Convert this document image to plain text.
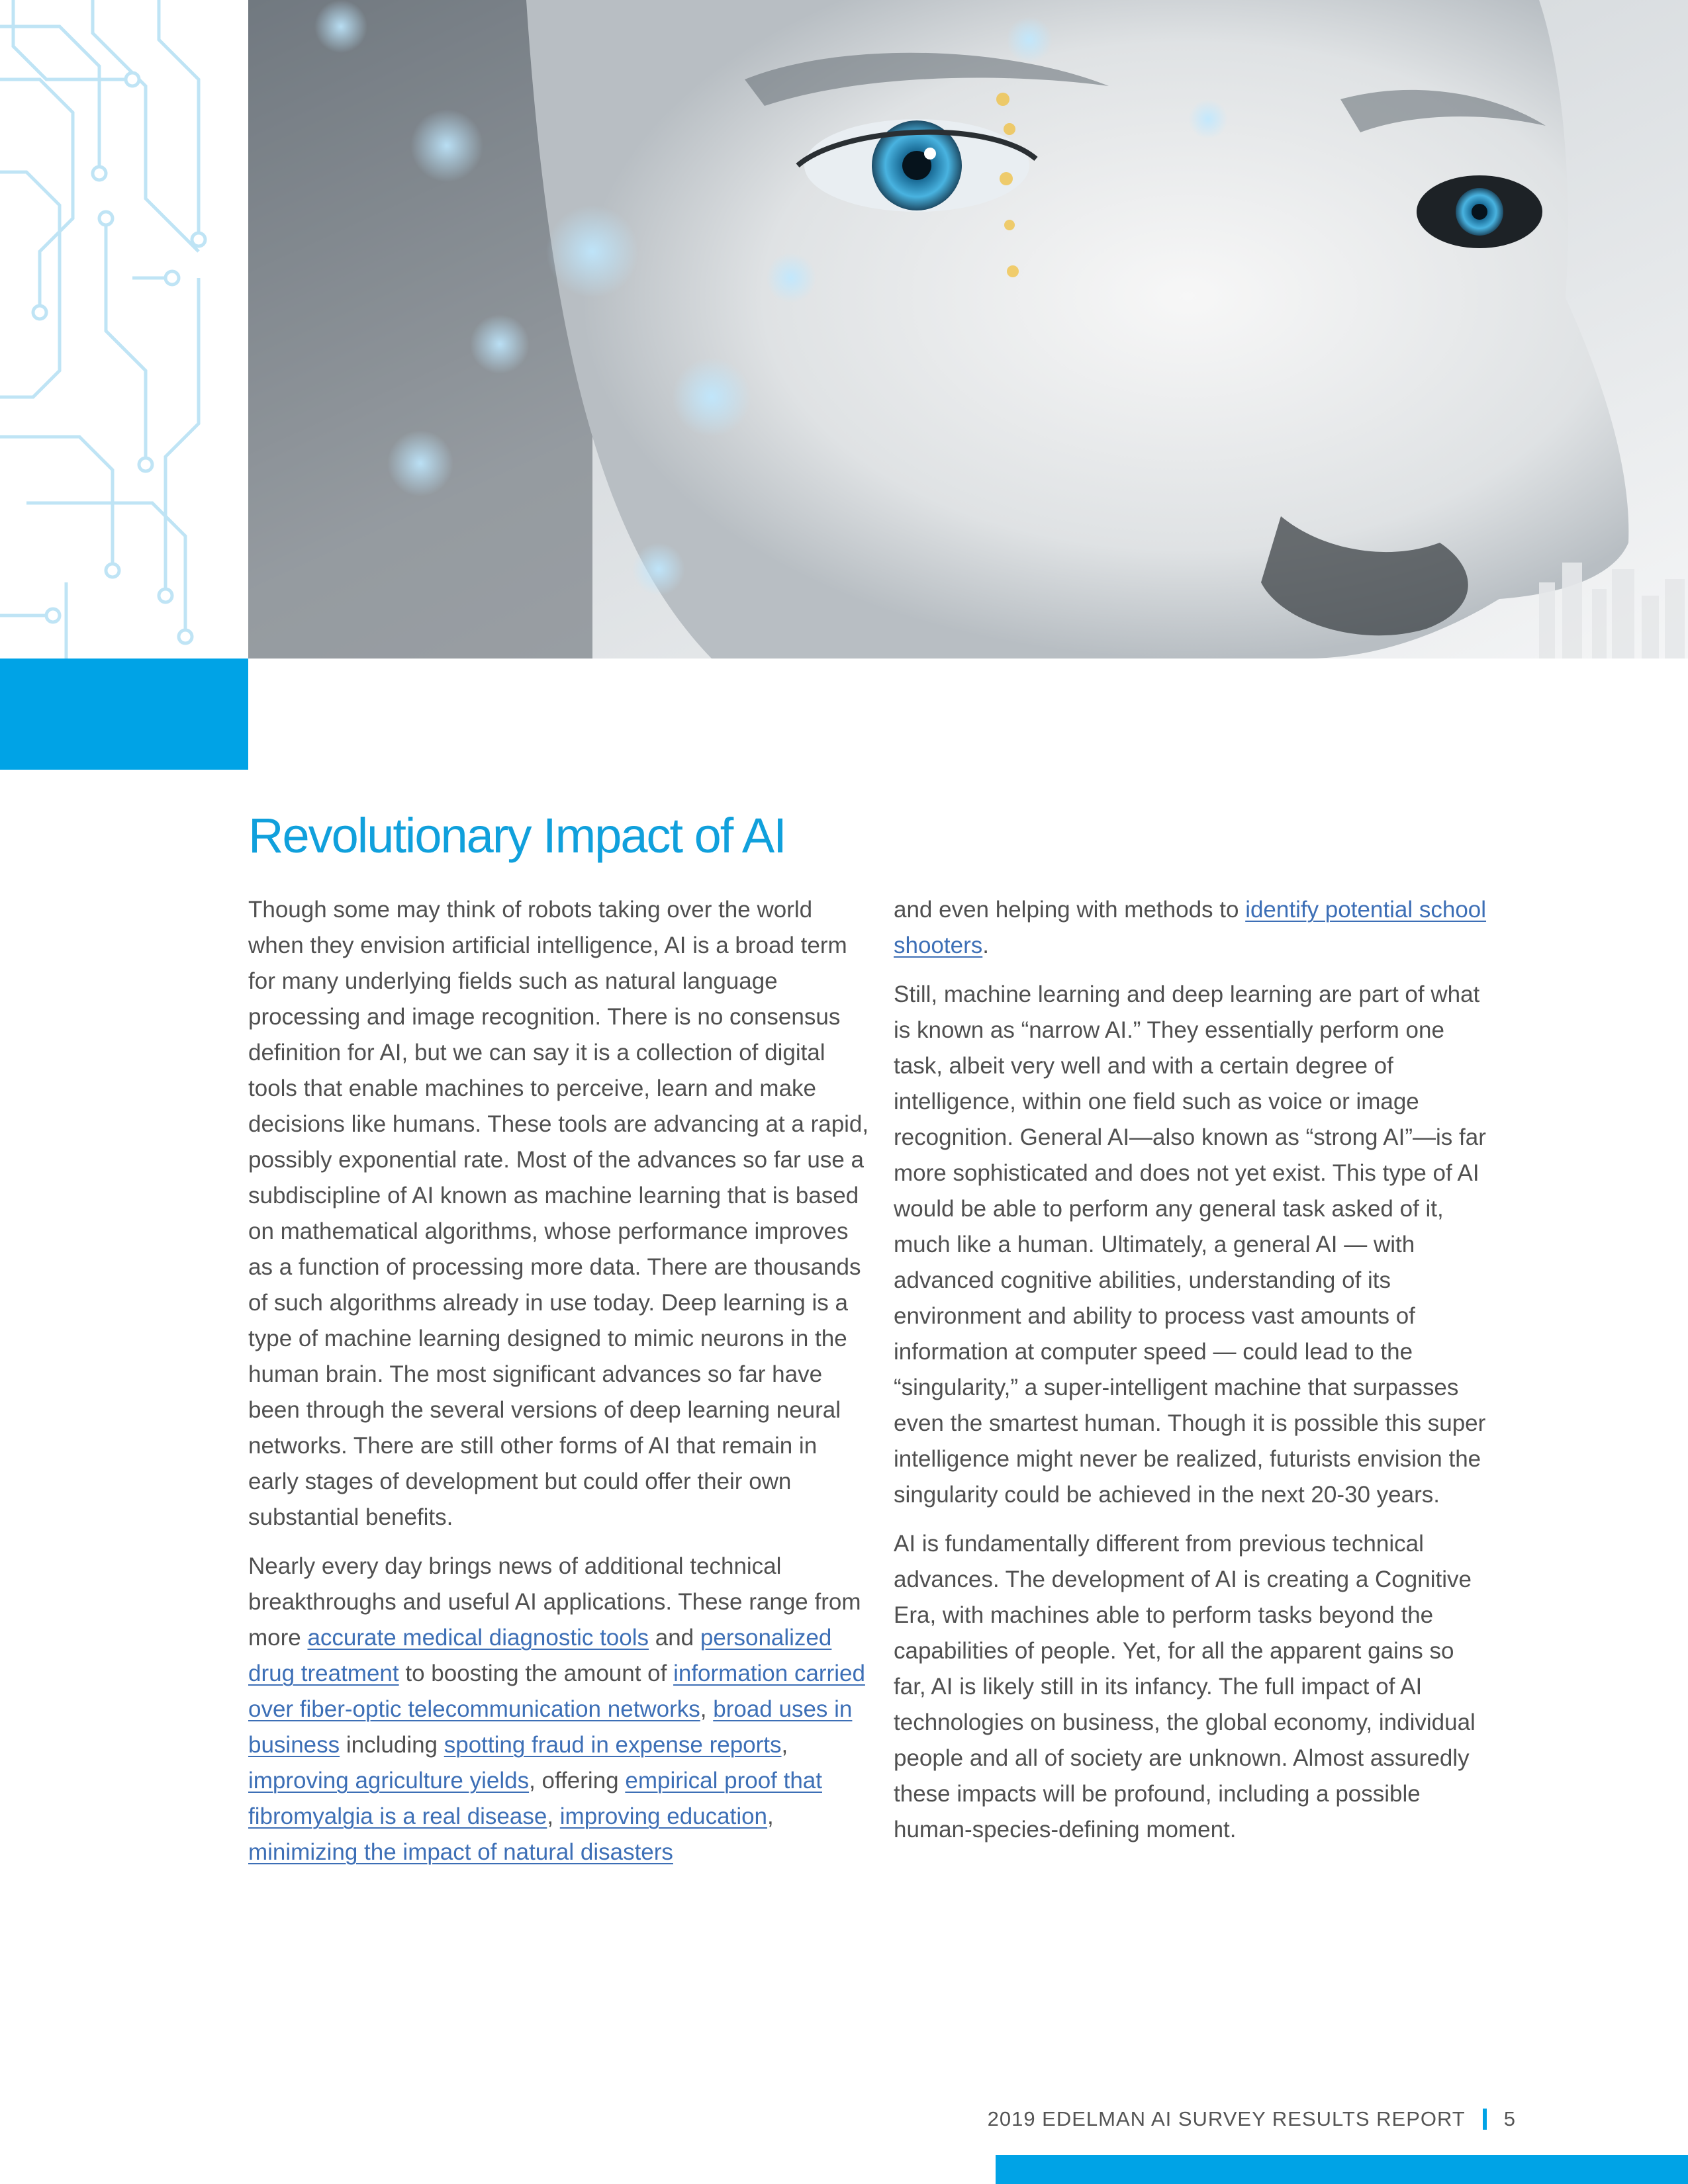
Revolutionary Impact of AI

Though some may think of robots taking over the world when they envision artificial intelligence, AI is a broad term for many underlying fields such as natural language processing and image recognition. There is no consensus definition for AI, but we can say it is a collection of digital tools that enable machines to perceive, learn and make decisions like humans. These tools are advancing at a rapid, possibly exponential rate. Most of the advances so far use a subdiscipline of AI known as machine learning that is based on mathematical algorithms, whose performance improves as a function of processing more data. There are thousands of such algorithms already in use today. Deep learning is a type of machine learning designed to mimic neurons in the human brain. The most significant advances so far have been through the several versions of deep learning neural networks. There are still other forms of AI that remain in early stages of development but could offer their own substantial benefits.

Nearly every day brings news of additional technical breakthroughs and useful AI applications. These range from more accurate medical diagnostic tools and personalized drug treatment to boosting the amount of information carried over fiber-optic telecommunication networks, broad uses in business including spotting fraud in expense reports, improving agriculture yields, offering empirical proof that fibromyalgia is a real disease, improving education, minimizing the impact of natural disasters

and even helping with methods to identify potential school shooters.

Still, machine learning and deep learning are part of what is known as “narrow AI.” They essentially perform one task, albeit very well and with a certain degree of intelligence, within one field such as voice or image recognition. General AI—also known as “strong AI”—is far more sophisticated and does not yet exist. This type of AI would be able to perform any general task asked of it, much like a human. Ultimately, a general AI — with advanced cognitive abilities, understanding of its environment and ability to process vast amounts of information at computer speed — could lead to the “singularity,” a super-intelligent machine that surpasses even the smartest human. Though it is possible this super intelligence might never be realized, futurists envision the singularity could be achieved in the next 20-30 years.

AI is fundamentally different from previous technical advances. The development of AI is creating a Cognitive Era, with machines able to perform tasks beyond the capabilities of people. Yet, for all the apparent gains so far, AI is likely still in its infancy. The full impact of AI technologies on business, the global economy, individual people and all of society are unknown. Almost assuredly these impacts will be profound, including a possible human-species-defining moment.

2019 EDELMAN AI SURVEY RESULTS REPORT 5
